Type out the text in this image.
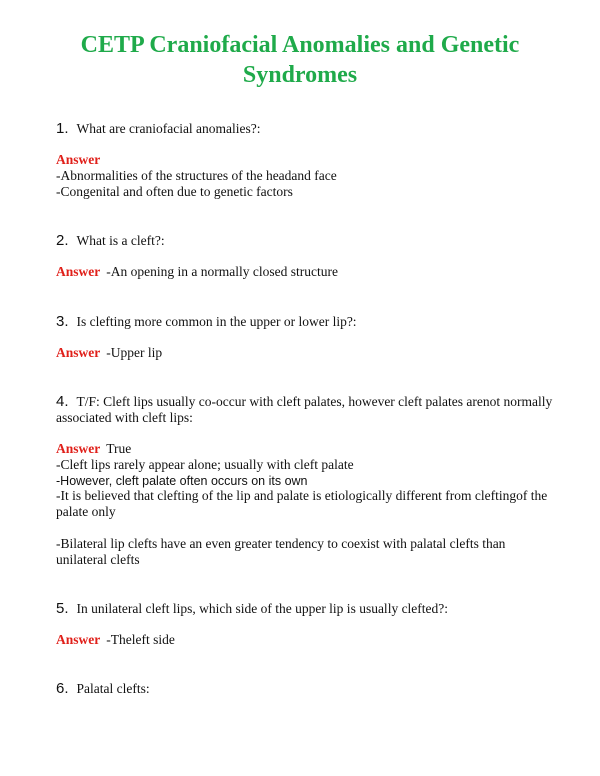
CETP Craniofacial Anomalies and Genetic Syndromes

1. What are craniofacial anomalies?:

Answer

-Abnormalities of the structures of the headand face

-Congenital and often due to genetic factors

2. What is a cleft?:

Answer -An opening in a normally closed structure

3. Is clefting more common in the upper or lower lip?:

Answer -Upper lip

4. T/F: Cleft lips usually co-occur with cleft palates, however cleft palates arenot normally associated with cleft lips:

Answer True

-Cleft lips rarely appear alone; usually with cleft palate

-However, cleft palate often occurs on its own

-It is believed that clefting of the lip and palate is etiologically different from cleftingof the palate only

-Bilateral lip clefts have an even greater tendency to coexist with palatal clefts than unilateral clefts

5. In unilateral cleft lips, which side of the upper lip is usually clefted?:

Answer -Theleft side

6. Palatal clefts:
